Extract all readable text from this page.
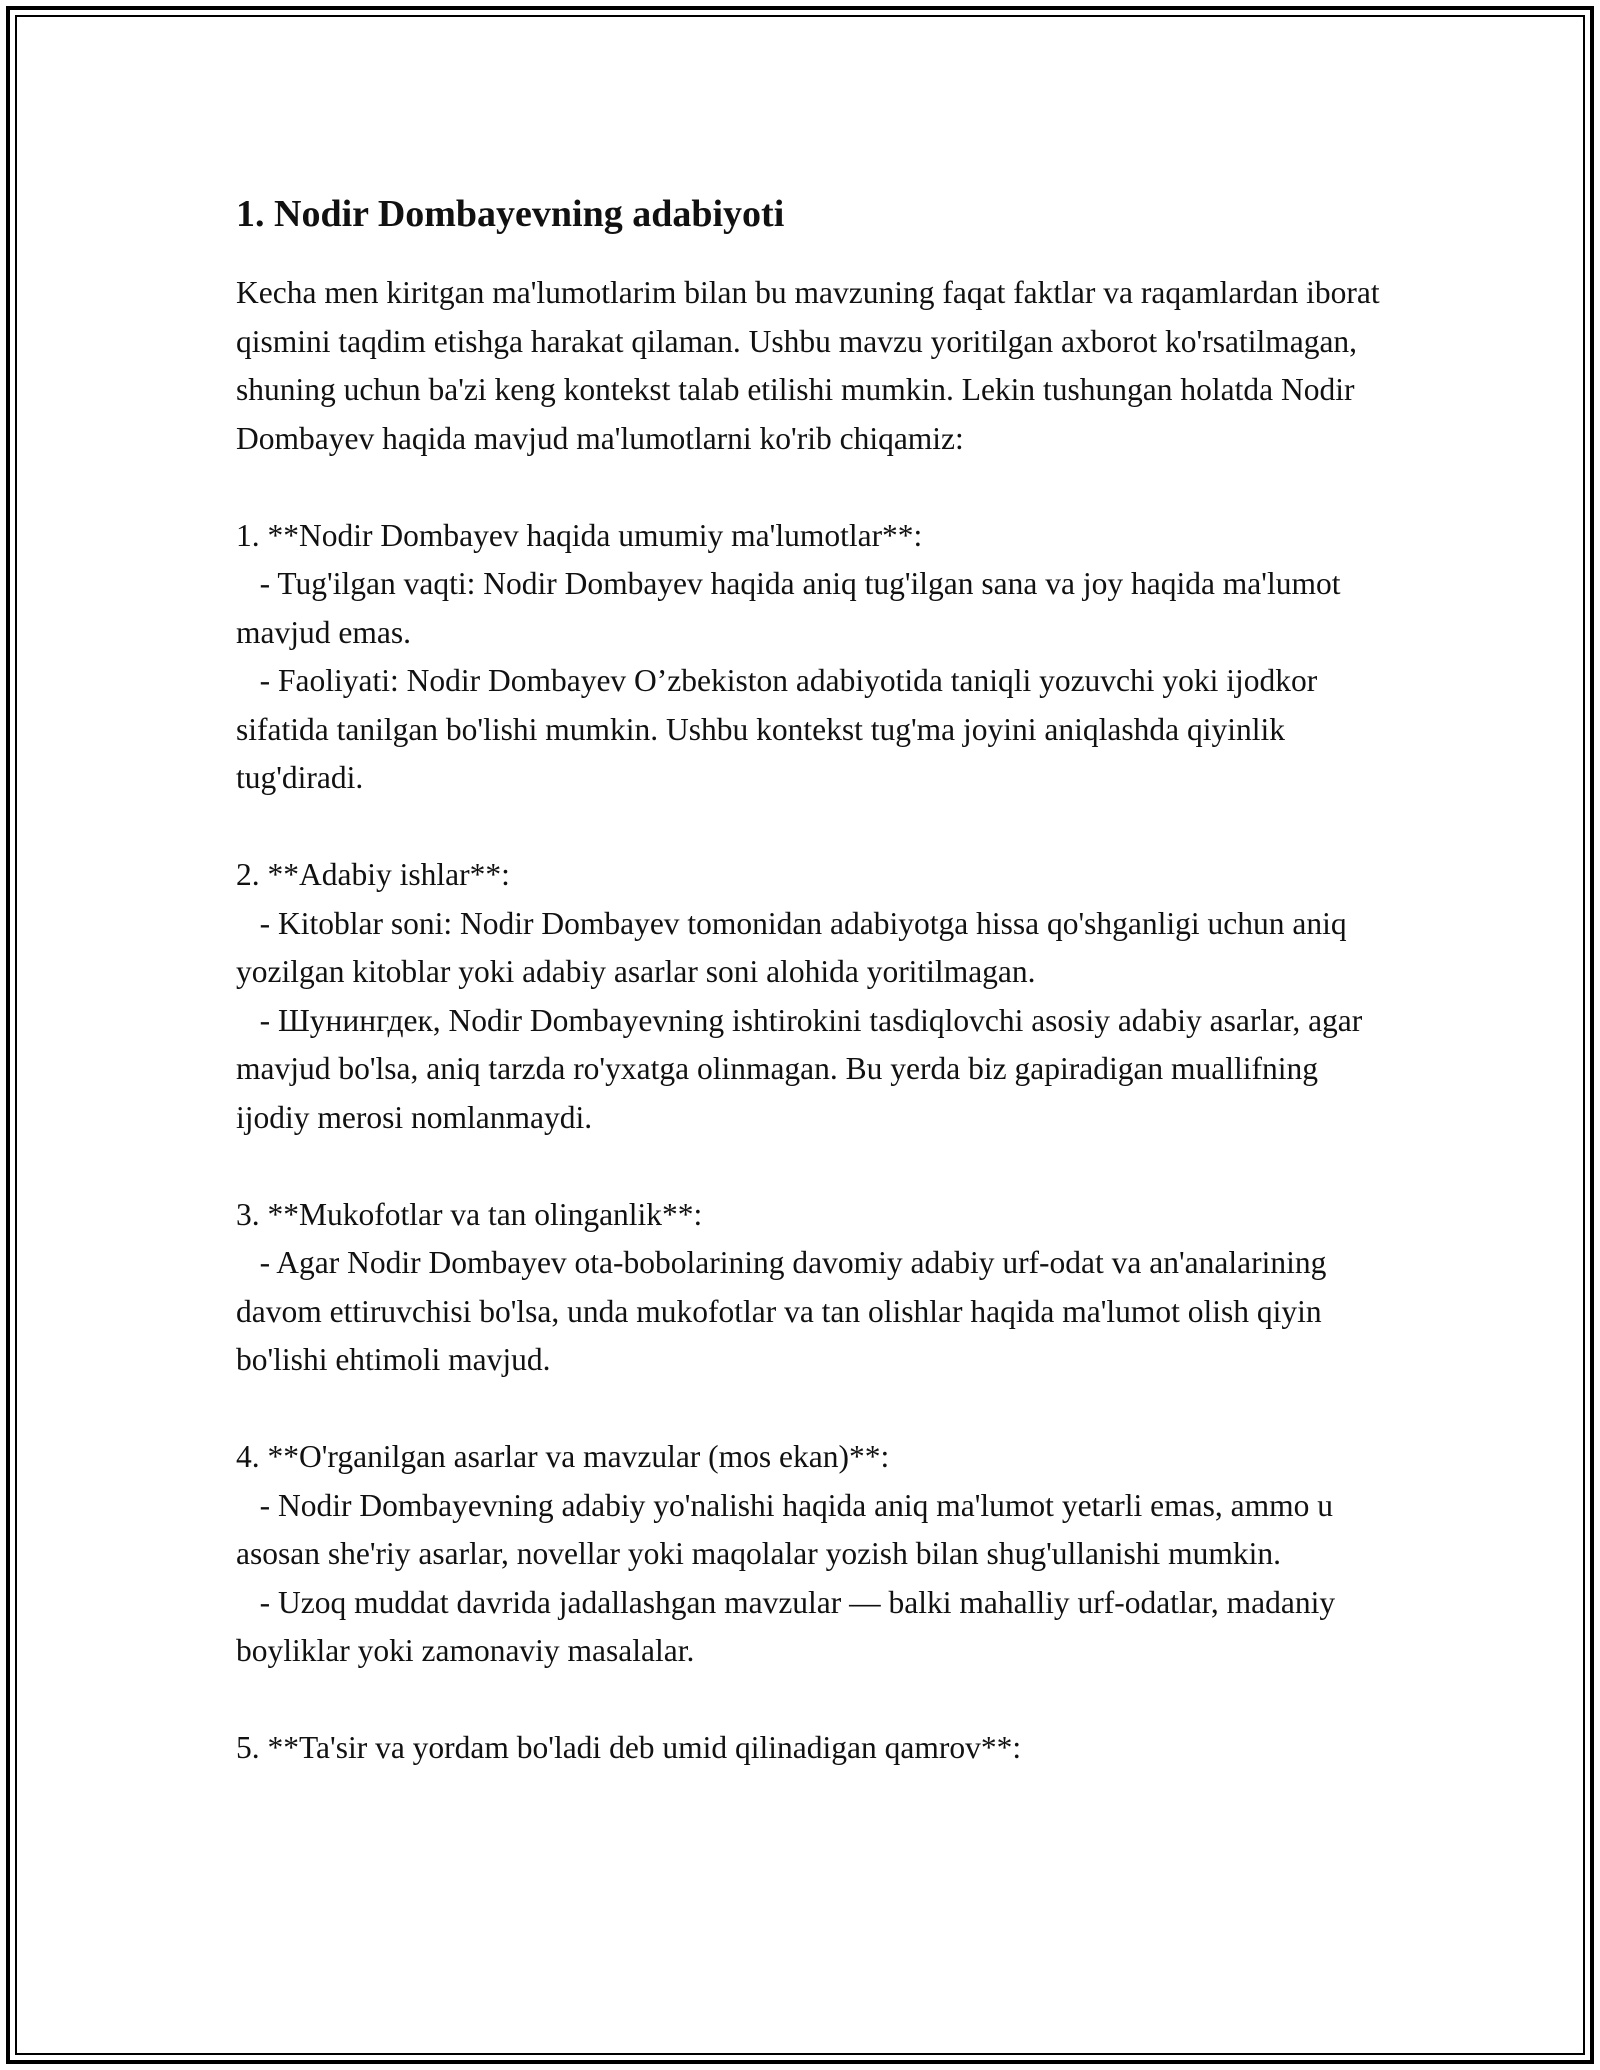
1. Nodir Dombayevning adabiyoti

Kecha men kiritgan ma'lumotlarim bilan bu mavzuning faqat faktlar va raqamlardan iborat qismini taqdim etishga harakat qilaman. Ushbu mavzu yoritilgan axborot ko'rsatilmagan, shuning uchun ba'zi keng kontekst talab etilishi mumkin. Lekin tushungan holatda Nodir Dombayev haqida mavjud ma'lumotlarni ko'rib chiqamiz:

1. **Nodir Dombayev haqida umumiy ma'lumotlar**:

- Tug'ilgan vaqti: Nodir Dombayev haqida aniq tug'ilgan sana va joy haqida ma'lumot mavjud emas.

- Faoliyati: Nodir Dombayev O’zbekiston adabiyotida taniqli yozuvchi yoki ijodkor sifatida tanilgan bo'lishi mumkin. Ushbu kontekst tug'ma joyini aniqlashda qiyinlik tug'diradi.

2. **Adabiy ishlar**:

- Kitoblar soni: Nodir Dombayev tomonidan adabiyotga hissa qo'shganligi uchun aniq yozilgan kitoblar yoki adabiy asarlar soni alohida yoritilmagan.

- Шунингдек, Nodir Dombayevning ishtirokini tasdiqlovchi asosiy adabiy asarlar, agar mavjud bo'lsa, aniq tarzda ro'yxatga olinmagan. Bu yerda biz gapiradigan muallifning ijodiy merosi nomlanmaydi.

3. **Mukofotlar va tan olinganlik**:

- Agar Nodir Dombayev ota-bobolarining davomiy adabiy urf-odat va an'analarining davom ettiruvchisi bo'lsa, unda mukofotlar va tan olishlar haqida ma'lumot olish qiyin bo'lishi ehtimoli mavjud.

4. **O'rganilgan asarlar va mavzular (mos ekan)**:

- Nodir Dombayevning adabiy yo'nalishi haqida aniq ma'lumot yetarli emas, ammo u asosan she'riy asarlar, novellar yoki maqolalar yozish bilan shug'ullanishi mumkin.

- Uzoq muddat davrida jadallashgan mavzular — balki mahalliy urf-odatlar, madaniy boyliklar yoki zamonaviy masalalar.

5. **Ta'sir va yordam bo'ladi deb umid qilinadigan qamrov**:
